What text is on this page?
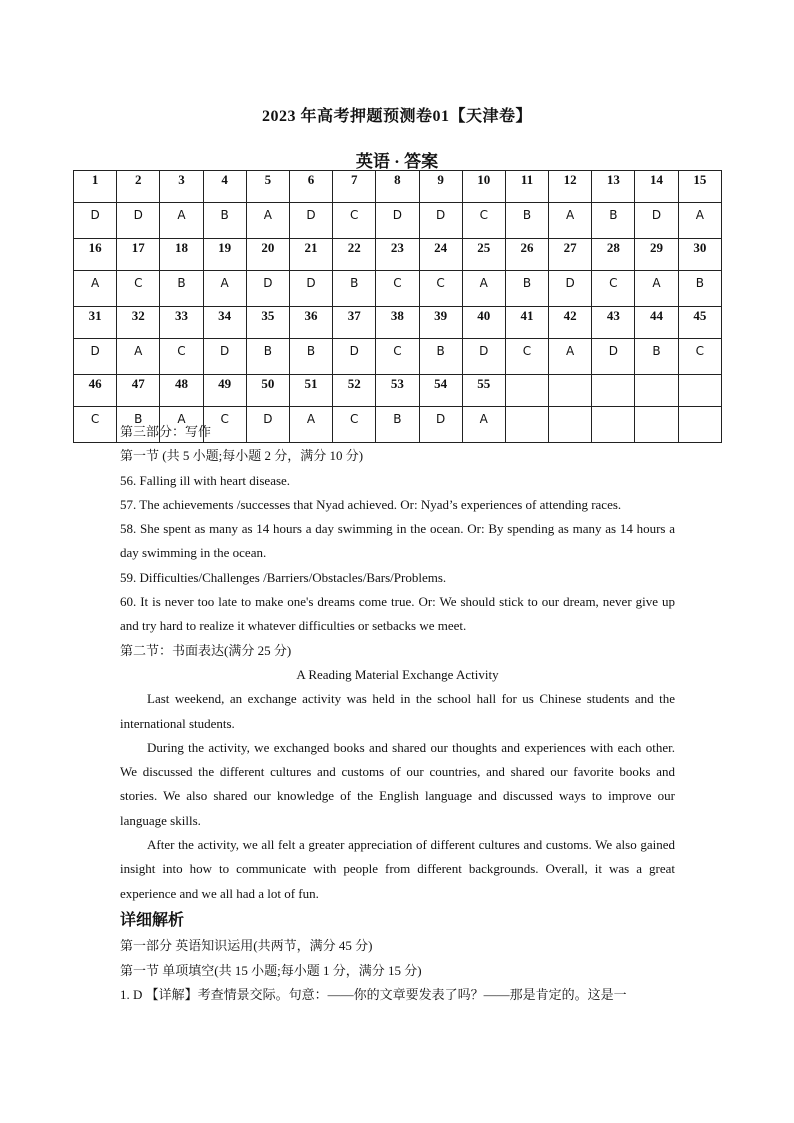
2023 年高考押题预测卷01【天津卷】
英语 · 答案
1	2	3	4	5	6	7	8	9	10	11	12	13	14	15
D	D	A	B	A	D	C	D	D	C	B	A	B	D	A
16	17	18	19	20	21	22	23	24	25	26	27	28	29	30
A	C	B	A	D	D	B	C	C	A	B	D	C	A	B
31	32	33	34	35	36	37	38	39	40	41	42	43	44	45
D	A	C	D	B	B	D	C	B	D	C	A	D	B	C
46	47	48	49	50	51	52	53	54	55					
C	B	A	C	D	A	C	B	D	A					

第三部分：写作

第一节 (共 5 小题;每小题 2 分，满分 10 分)

56. Falling ill with heart disease.

57. The achievements /successes that Nyad achieved. Or: Nyad’s experiences of attending races.

58. She spent as many as 14 hours a day swimming in the ocean. Or: By spending as many as 14 hours a day swimming in the ocean.

59. Difficulties/Challenges /Barriers/Obstacles/Bars/Problems.

60. It is never too late to make one's dreams come true. Or: We should stick to our dream, never give up and try hard to realize it whatever difficulties or setbacks we meet.

第二节：书面表达(满分 25 分)

A Reading Material Exchange Activity

Last weekend, an exchange activity was held in the school hall for us Chinese students and the international students.

During the activity, we exchanged books and shared our thoughts and experiences with each other. We discussed the different cultures and customs of our countries, and shared our favorite books and stories. We also shared our knowledge of the English language and discussed ways to improve our language skills.

After the activity, we all felt a greater appreciation of different cultures and customs. We also gained insight into how to communicate with people from different backgrounds. Overall, it was a great experience and we all had a lot of fun.

详细解析

第一部分 英语知识运用(共两节，满分 45 分)

第一节 单项填空(共 15 小题;每小题 1 分，满分 15 分)

1. D 【详解】考查情景交际。句意：——你的文章要发表了吗？——那是肯定的。这是一
